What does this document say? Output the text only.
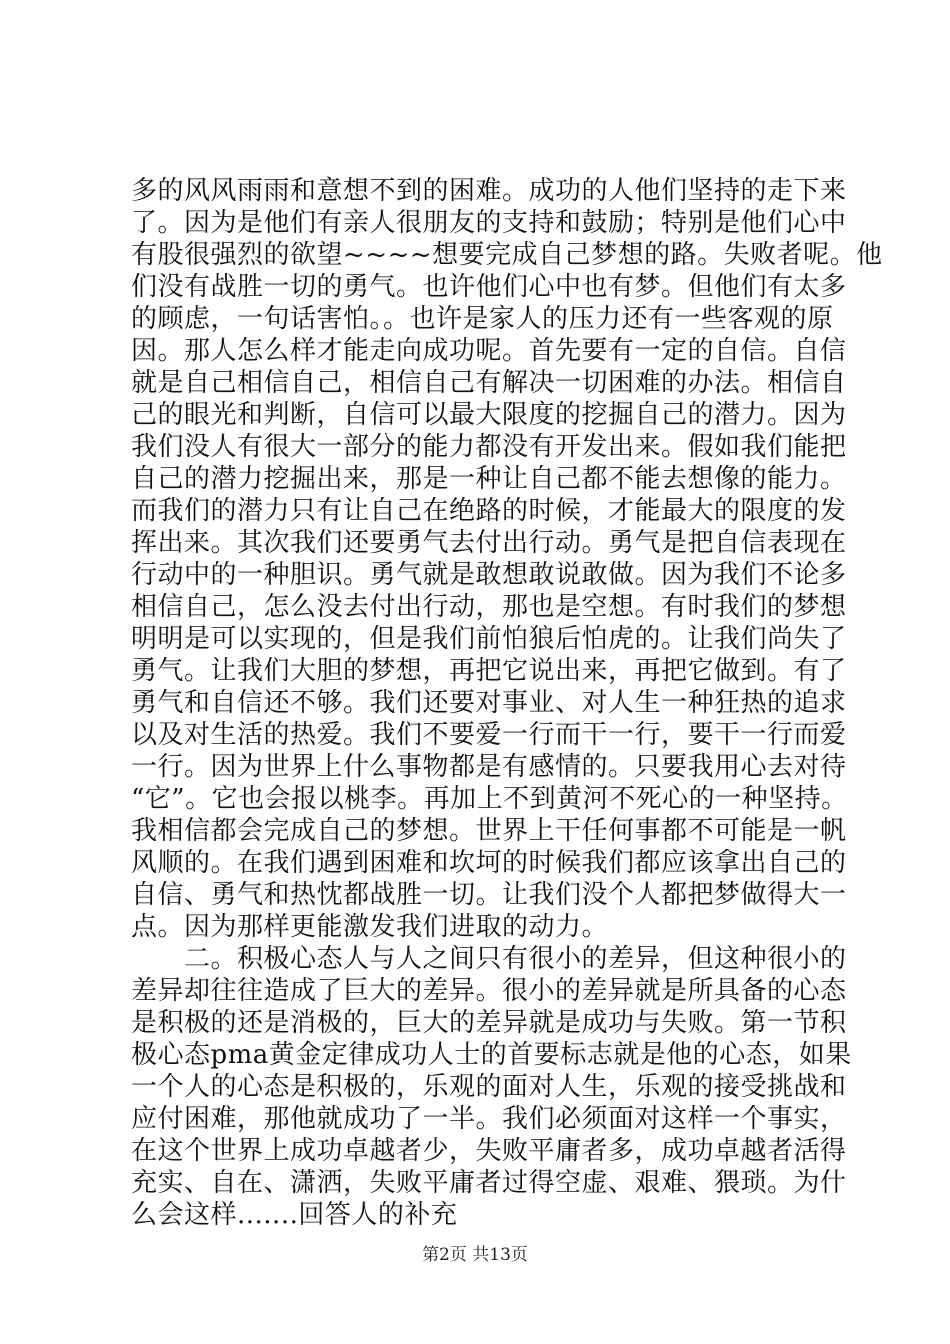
多的风风雨雨和意想不到的困难。成功的人他们坚持的走下来
了。因为是他们有亲人很朋友的支持和鼓励；特别是他们心中
有股很强烈的欲望~~~~想要完成自己梦想的路。失败者呢。他
们没有战胜一切的勇气。也许他们心中也有梦。但他们有太多
的顾虑，一句话害怕。。也许是家人的压力还有一些客观的原
因。那人怎么样才能走向成功呢。首先要有一定的自信。自信
就是自己相信自己，相信自己有解决一切困难的办法。相信自
己的眼光和判断，自信可以最大限度的挖掘自己的潜力。因为
我们没人有很大一部分的能力都没有开发出来。假如我们能把
自己的潜力挖掘出来，那是一种让自己都不能去想像的能力。
而我们的潜力只有让自己在绝路的时候，才能最大的限度的发
挥出来。其次我们还要勇气去付出行动。勇气是把自信表现在
行动中的一种胆识。勇气就是敢想敢说敢做。因为我们不论多
相信自己，怎么没去付出行动，那也是空想。有时我们的梦想
明明是可以实现的，但是我们前怕狼后怕虎的。让我们尚失了
勇气。让我们大胆的梦想，再把它说出来，再把它做到。有了
勇气和自信还不够。我们还要对事业、对人生一种狂热的追求
以及对生活的热爱。我们不要爱一行而干一行，要干一行而爱
一行。因为世界上什么事物都是有感情的。只要我用心去对待
“它”。它也会报以桃李。再加上不到黄河不死心的一种坚持。
我相信都会完成自己的梦想。世界上干任何事都不可能是一帆
风顺的。在我们遇到困难和坎坷的时候我们都应该拿出自己的
自信、勇气和热忱都战胜一切。让我们没个人都把梦做得大一
点。因为那样更能激发我们进取的动力。
　　二。积极心态人与人之间只有很小的差异，但这种很小的
差异却往往造成了巨大的差异。很小的差异就是所具备的心态
是积极的还是消极的，巨大的差异就是成功与失败。第一节积
极心态pma黄金定律成功人士的首要标志就是他的心态，如果
一个人的心态是积极的，乐观的面对人生，乐观的接受挑战和
应付困难，那他就成功了一半。我们必须面对这样一个事实，
在这个世界上成功卓越者少，失败平庸者多，成功卓越者活得
充实、自在、潇洒，失败平庸者过得空虚、艰难、猥琐。为什
么会这样.......回答人的补充
第2页 共13页
